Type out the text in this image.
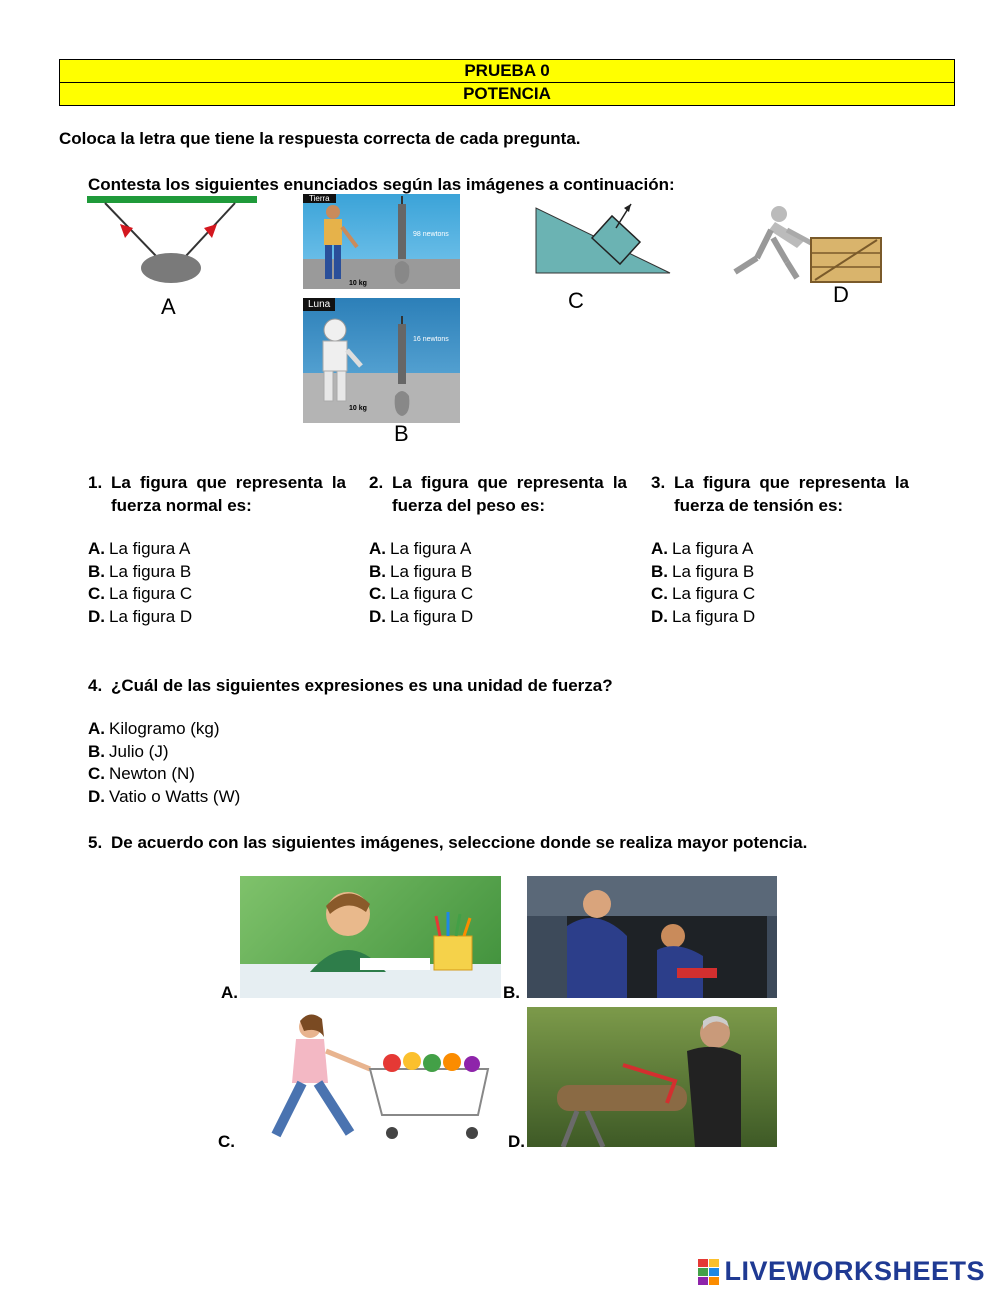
PRUEBA 0
POTENCIA
Coloca la letra que tiene la respuesta correcta de cada pregunta.
Contesta los siguientes enunciados según las imágenes a continuación:
A
Tierra
98 newtons
10 kg
Luna
16 newtons
10 kg
B
C	D
1. La figura que representa la fuerza normal es:
2. La figura que representa la fuerza del peso es:
3. La figura que representa la fuerza de tensión es:
A. La figura A
B. La figura B
C. La figura C
D. La figura D
A. La figura A
B. La figura B
C. La figura C
D. La figura D
A. La figura A
B. La figura B
C. La figura C
D. La figura D
4. ¿Cuál de las siguientes expresiones es una unidad de fuerza?
A. Kilogramo (kg)
B. Julio (J)
C. Newton (N)
D. Vatio o Watts (W)
5. De acuerdo con las siguientes imágenes, seleccione donde se realiza mayor potencia.
A.	B.
C.	D.
LIVEWORKSHEETS
